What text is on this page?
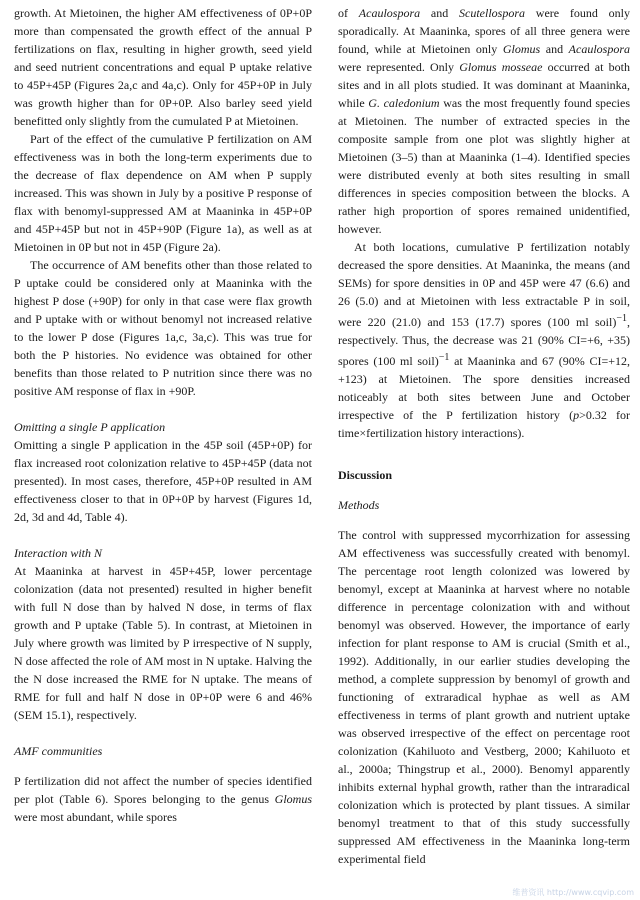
growth. At Mietoinen, the higher AM effectiveness of 0P+0P more than compensated the growth effect of the annual P fertilizations on flax, resulting in higher growth, seed yield and seed nutrient concentrations and equal P uptake relative to 45P+45P (Figures 2a,c and 4a,c). Only for 45P+0P in July was growth higher than for 0P+0P. Also barley seed yield benefitted only slightly from the cumulated P at Mietoinen.

Part of the effect of the cumulative P fertilization on AM effectiveness was in both the long-term experiments due to the decrease of flax dependence on AM when P supply increased. This was shown in July by a positive P response of flax with benomyl-suppressed AM at Maaninka in 45P+0P and 45P+45P but not in 45P+90P (Figure 1a), as well as at Mietoinen in 0P but not in 45P (Figure 2a).

The occurrence of AM benefits other than those related to P uptake could be considered only at Maaninka with the highest P dose (+90P) for only in that case were flax growth and P uptake with or without benomyl not increased relative to the lower P dose (Figures 1a,c, 3a,c). This was true for both the P histories. No evidence was obtained for other benefits than those related to P nutrition since there was no positive AM response of flax in +90P.

Omitting a single P application

Omitting a single P application in the 45P soil (45P+0P) for flax increased root colonization relative to 45P+45P (data not presented). In most cases, therefore, 45P+0P resulted in AM effectiveness closer to that in 0P+0P by harvest (Figures 1d, 2d, 3d and 4d, Table 4).

Interaction with N

At Maaninka at harvest in 45P+45P, lower percentage colonization (data not presented) resulted in higher benefit with full N dose than by halved N dose, in terms of flax growth and P uptake (Table 5). In contrast, at Mietoinen in July where growth was limited by P irrespective of N supply, N dose affected the role of AM most in N uptake. Halving the the N dose increased the RME for N uptake. The means of RME for full and half N dose in 0P+0P were 6 and 46% (SEM 15.1), respectively.

AMF communities

P fertilization did not affect the number of species identified per plot (Table 6). Spores belonging to the genus Glomus were most abundant, while spores

of Acaulospora and Scutellospora were found only sporadically. At Maaninka, spores of all three genera were found, while at Mietoinen only Glomus and Acaulospora were represented. Only Glomus mosseae occurred at both sites and in all plots studied. It was dominant at Maaninka, while G. caledonium was the most frequently found species at Mietoinen. The number of extracted species in the composite sample from one plot was slightly higher at Mietoinen (3–5) than at Maaninka (1–4). Identified species were distributed evenly at both sites resulting in small differences in species composition between the blocks. A rather high proportion of spores remained unidentified, however.

At both locations, cumulative P fertilization notably decreased the spore densities. At Maaninka, the means (and SEMs) for spore densities in 0P and 45P were 47 (6.6) and 26 (5.0) and at Mietoinen with less extractable P in soil, were 220 (21.0) and 153 (17.7) spores (100 ml soil)$^{-1}$, respectively. Thus, the decrease was 21 (90% CI=+6, +35) spores (100 ml soil)$^{-1}$ at Maaninka and 67 (90% CI=+12, +123) at Mietoinen. The spore densities increased noticeably at both sites between June and October irrespective of the P fertilization history (p>0.32 for time×fertilization history interactions).

Discussion
Methods

The control with suppressed mycorrhization for assessing AM effectiveness was successfully created with benomyl. The percentage root length colonized was lowered by benomyl, except at Maaninka at harvest where no notable difference in percentage colonization with and without benomyl was observed. However, the importance of early infection for plant response to AM is crucial (Smith et al., 1992). Additionally, in our earlier studies developing the method, a complete suppression by benomyl of growth and functioning of extraradical hyphae as well as AM effectiveness in terms of plant growth and nutrient uptake was observed irrespective of the effect on percentage root colonization (Kahiluoto and Vestberg, 2000; Kahiluoto et al., 2000a; Thingstrup et al., 2000). Benomyl apparently inhibits external hyphal growth, rather than the intraradical colonization which is protected by plant tissues. A similar benomyl treatment to that of this study successfully suppressed AM effectiveness in the Maaninka long-term experimental field

维普资讯 http://www.cqvip.com
